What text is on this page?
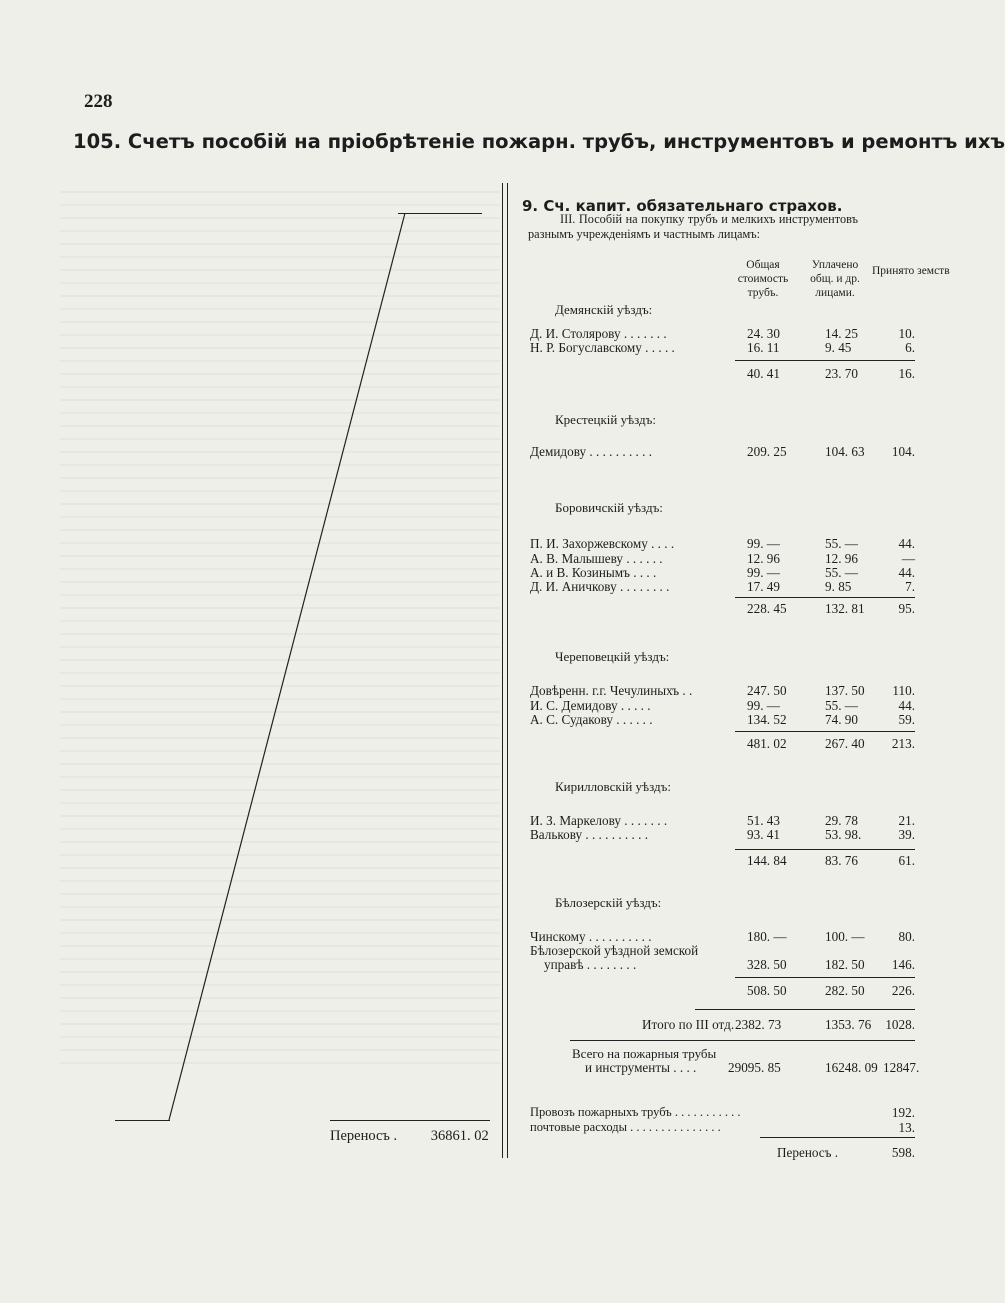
228
105. Счетъ пособій на пріобрѣтеніе пожарн. трубъ, инструментовъ и ремонтъ ихъ
Переносъ . 36861. 02
9. Сч. капит. обязательнаго страхов.
III. Пособій на покупку трубъ и мелкихъ инструментовъ разнымъ учрежденіямъ и частнымъ лицамъ:
Общая стоимость трубъ.
Уплачено общ. и др. лицами.
Принято земств
Демянскій уѣздъ:
Д. И. Столярову . . . . . . .	24. 30	14. 25	10.
Н. Р. Богуславскому . . . . .	16. 11	9. 45	6.
40. 41	23. 70	16.
Крестецкій уѣздъ:
Демидову . . . . . . . . . .	209. 25	104. 63	104.
Боровичскій уѣздъ:
П. И. Захоржевскому . . . .	99. —	55. —	44.
А. В. Малышеву . . . . . .	12. 96	12. 96	—
А. и В. Козинымъ . . . .	99. —	55. —	44.
Д. И. Аничкову . . . . . . . .	17. 49	9. 85	7.
228. 45	132. 81	95.
Череповецкій уѣздъ:
Довѣренн. г.г. Чечулиныхъ . .	247. 50	137. 50	110.
И. С. Демидову . . . . .	99. —	55. —	44.
А. С. Судакову . . . . . .	134. 52	74. 90	59.
481. 02	267. 40	213.
Кирилловскій уѣздъ:
И. З. Маркелову . . . . . . .	51. 43	29. 78	21.
Валькову . . . . . . . . . .	93. 41	53. 98.	39.
144. 84	83. 76	61.
Бѣлозерскій уѣздъ:
Чинскому . . . . . . . . . .	180. —	100. —	80.
Бѣлозерской уѣздной земской
управѣ . . . . . . . .	328. 50	182. 50	146.
508. 50	282. 50	226.
Итого по III отд. 2382. 73	1353. 76	1028.
Всего на пожарныя трубы
и инструменты . . . . 29095. 85	16248. 09 12847.
Провозъ пожарныхъ трубъ . . . . . . . . . . .	192.
почтовые расходы . . . . . . . . . . . . . . .	13.
Переносъ .	598.
